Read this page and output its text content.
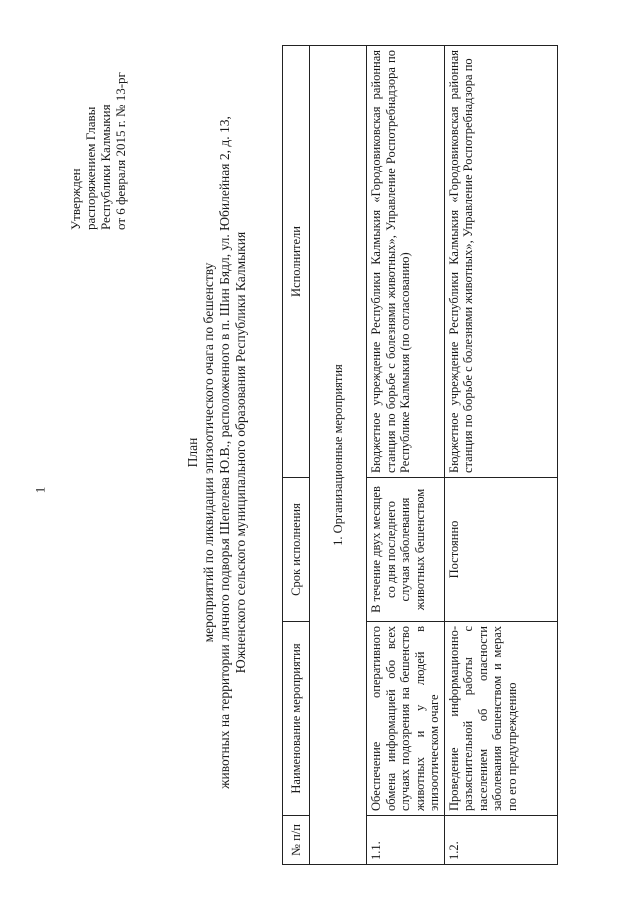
1
Утвержден распоряжением Главы Республики Калмыкия от 6 февраля 2015 г. № 13-рг
План мероприятий по ликвидации эпизоотического очага по бешенству животных на территории личного подворья Шепелева Ю.В., расположенного в п. Шин Бядл, ул. Юбилейная 2, д. 13, Южненского сельского муниципального образования Республики Калмыкия
№ п/п	Наименование мероприятия	Срок исполнения	Исполнители
1. Организационные мероприятия			
1.1.	Обеспечение оперативного обмена информацией обо всех случаях подозрения на бешенство животных и у людей в эпизоотическом очаге	В течение двух месяцев со дня последнего случая заболевания животных бешенством	Бюджетное учреждение Республики Калмыкия «Городовиковская районная станция по борьбе с болезнями животных», Управление Роспотребнадзора по Республике Калмыкия (по согласованию)
1.2.	Проведение информационно-разъяснительной работы с населением об опасности заболевания бешенством и мерах по его предупреждению	Постоянно	Бюджетное учреждение Республики Калмыкия «Городовиковская районная станция по борьбе с болезнями животных», Управление Роспотребнадзора по
